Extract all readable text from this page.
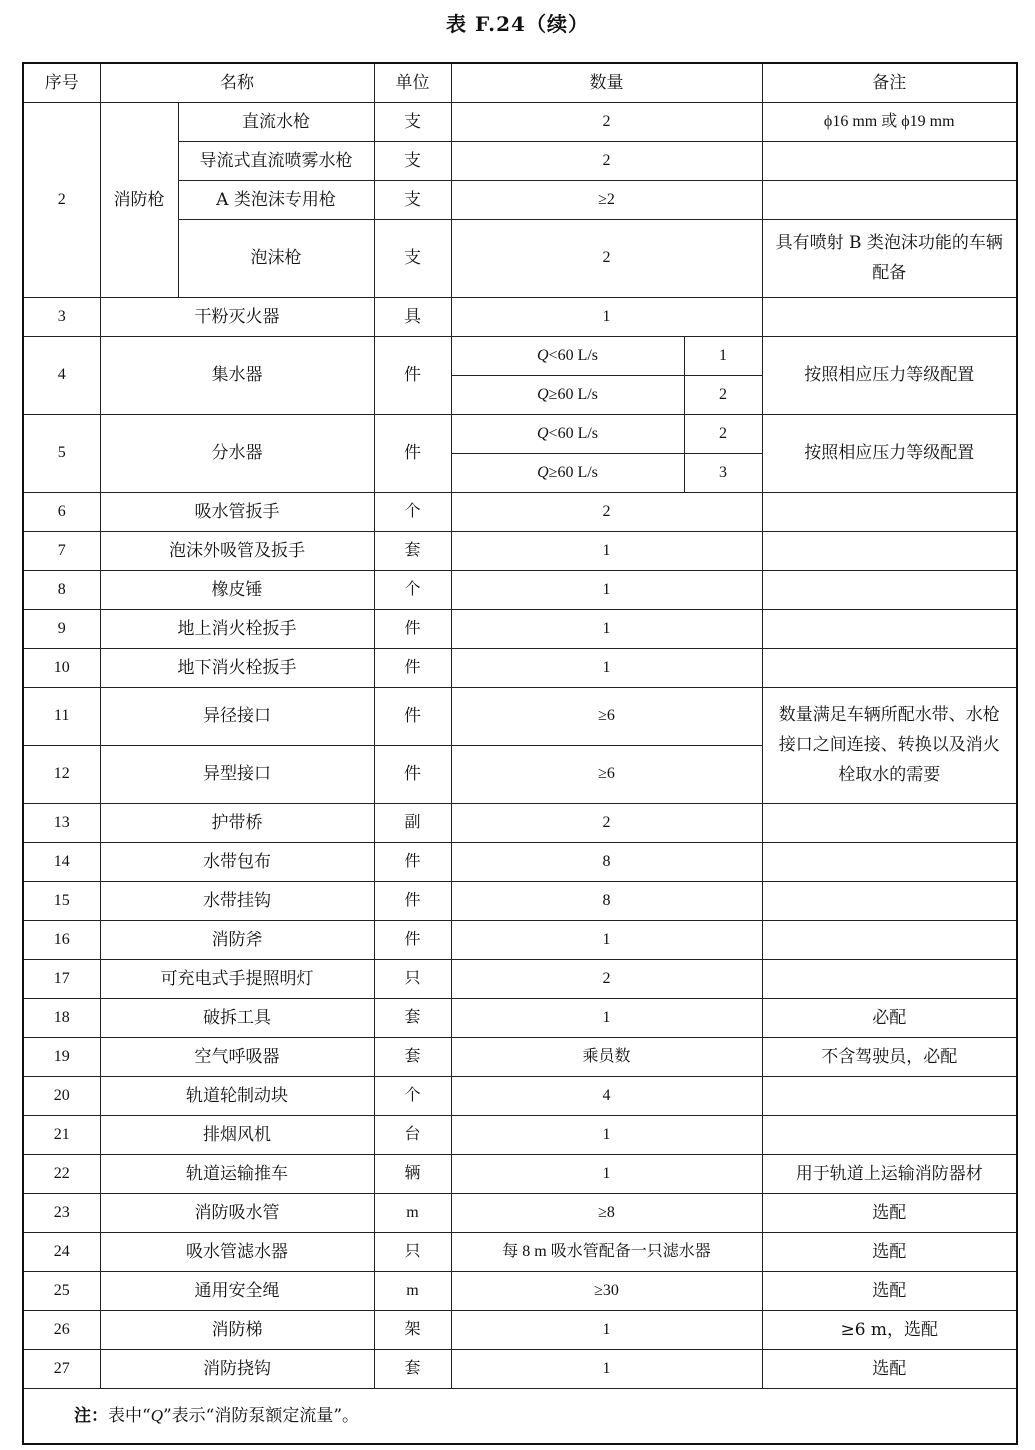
表 F.24（续）
序号	名称		单位	数量		备注
2	消防枪	直流水枪	支	2		ϕ16 mm 或 ϕ19 mm
		导流式直流喷雾水枪	支	2		
		A 类泡沫专用枪	支	≥2		
		泡沫枪	支	2		具有喷射 B 类泡沫功能的车辆配备
3	干粉灭火器		具	1		
4	集水器		件	Q<60 L/s	1	按照相应压力等级配置
				Q≥60 L/s	2	
5	分水器		件	Q<60 L/s	2	按照相应压力等级配置
				Q≥60 L/s	3	
6	吸水管扳手		个	2		
7	泡沫外吸管及扳手		套	1		
8	橡皮锤		个	1		
9	地上消火栓扳手		件	1		
10	地下消火栓扳手		件	1		
11	异径接口		件	≥6		数量满足车辆所配水带、水枪接口之间连接、转换以及消火栓取水的需要
12	异型接口		件	≥6		
13	护带桥		副	2		
14	水带包布		件	8		
15	水带挂钩		件	8		
16	消防斧		件	1		
17	可充电式手提照明灯		只	2		
18	破拆工具		套	1		必配
19	空气呼吸器		套	乘员数		不含驾驶员，必配
20	轨道轮制动块		个	4		
21	排烟风机		台	1		
22	轨道运输推车		辆	1		用于轨道上运输消防器材
23	消防吸水管		m	≥8		选配
24	吸水管滤水器		只	每 8 m 吸水管配备一只滤水器		选配
25	通用安全绳		m	≥30		选配
26	消防梯		架	1		≥6 m，选配
27	消防挠钩		套	1		选配
注：表中“Q”表示“消防泵额定流量”。						
